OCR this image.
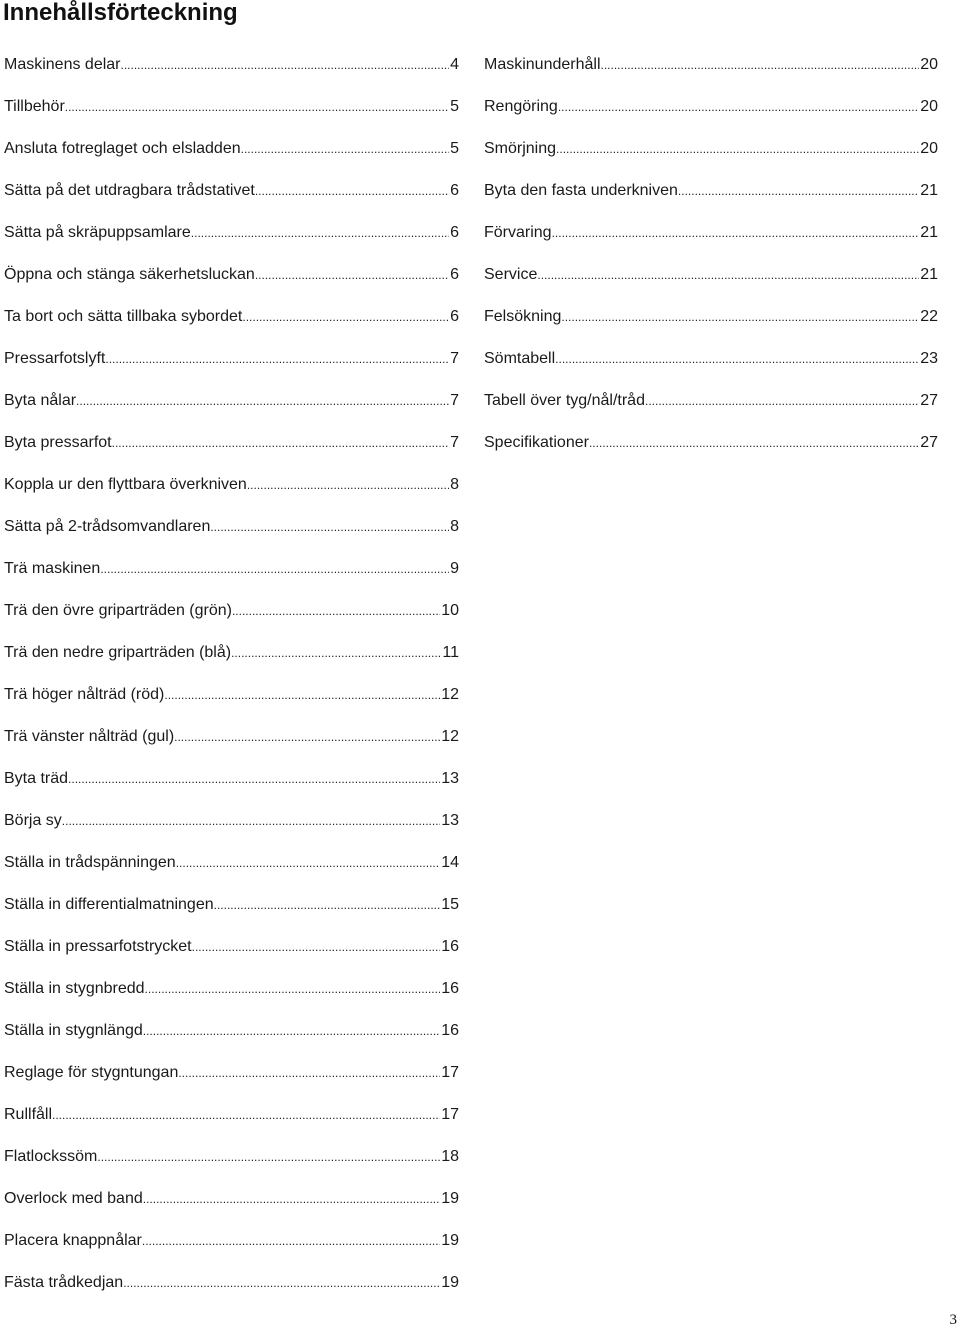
Innehållsförteckning
Maskinens delar .....	4
Tillbehör .....	5
Ansluta fotreglaget och elsladden .....	5
Sätta på det utdragbara trådstativet .....	6
Sätta på skräpuppsamlare .....	6
Öppna och stänga säkerhetsluckan .....	6
Ta bort och sätta tillbaka sybordet .....	6
Pressarfotslyft .....	7
Byta nålar .....	7
Byta pressarfot .....	7
Koppla ur den flyttbara överkniven .....	8
Sätta på 2-trådsomvandlaren .....	8
Trä maskinen .....	9
Trä den övre griparträden (grön) .....	10
Trä den nedre griparträden (blå) .....	11
Trä höger nålträd (röd) .....	12
Trä vänster nålträd (gul) .....	12
Byta träd .....	13
Börja sy .....	13
Ställa in trådspänningen .....	14
Ställa in differentialmatningen .....	15
Ställa in pressarfotstrycket .....	16
Ställa in stygnbredd .....	16
Ställa in stygnlängd .....	16
Reglage för stygntungan .....	17
Rullfåll .....	17
Flatlockssöm .....	18
Overlock med band .....	19
Placera knappnålar .....	19
Fästa trådkedjan .....	19
Maskinunderhåll .....	20
Rengöring .....	20
Smörjning .....	20
Byta den fasta underkniven .....	21
Förvaring .....	21
Service .....	21
Felsökning .....	22
Sömtabell .....	23
Tabell över tyg/nål/tråd .....	27
Specifikationer .....	27
3
